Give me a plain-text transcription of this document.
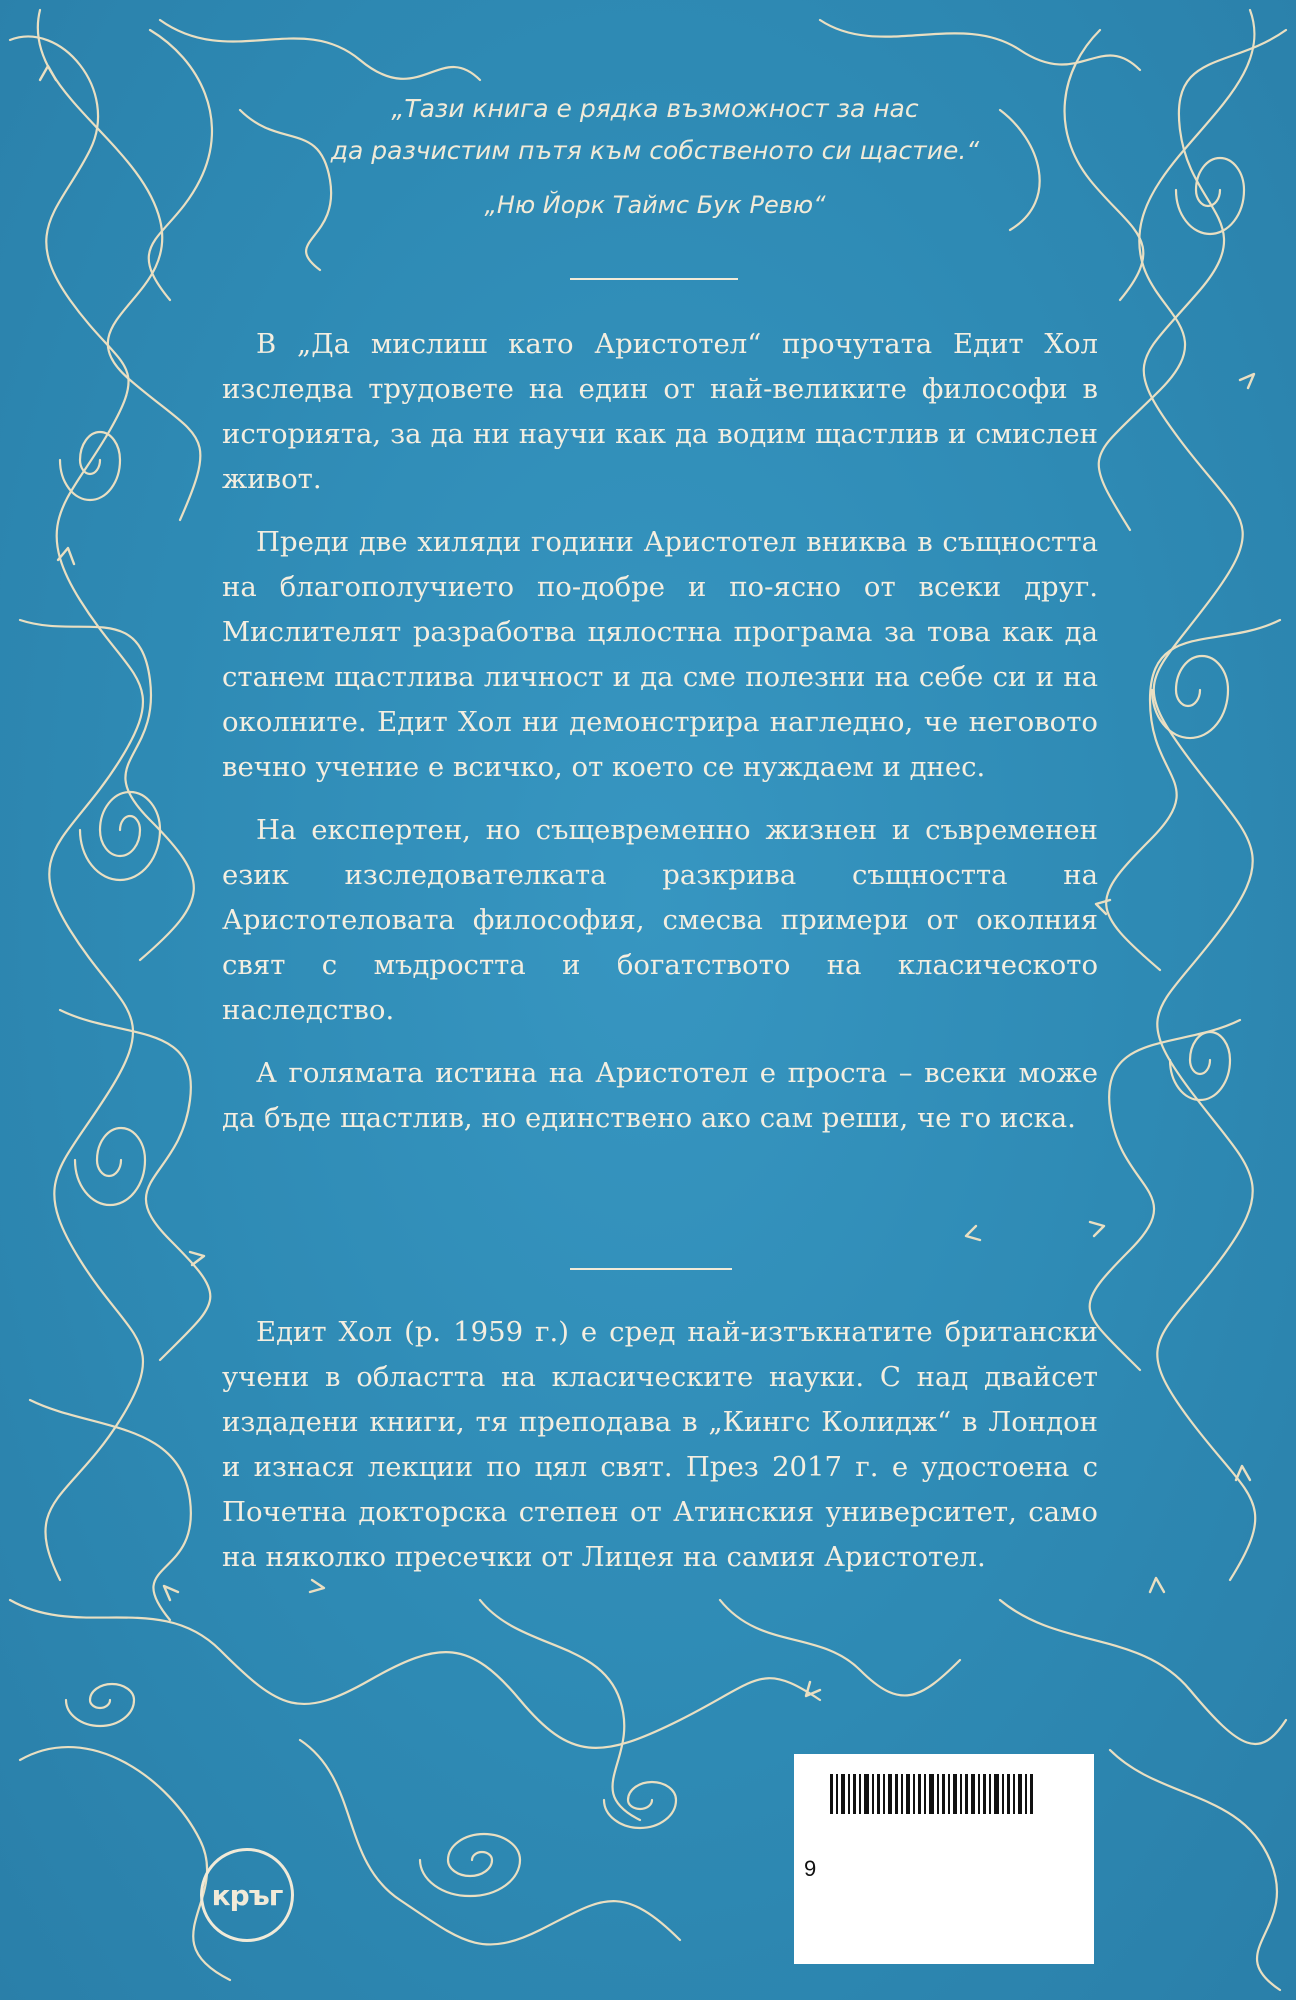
„Тази книга е рядка възможност за нас
да разчистим пътя към собственото си щастие.“
„Ню Йорк Таймс Бук Ревю“

В „Да мислиш като Аристотел“ прочутата Едит Хол изследва трудовете на един от най-великите философи в историята, за да ни научи как да водим щастлив и смислен живот.

Преди две хиляди години Аристотел вниква в същността на благополучието по-добре и по-ясно от всеки друг. Мислителят разработва цялостна програма за това как да станем щастлива личност и да сме полезни на себе си и на околните. Едит Хол ни демонстрира нагледно, че неговото вечно учение е всичко, от което се нуждаем и днес.

На експертен, но същевременно жизнен и съвременен език изследователката разкрива същността на Аристотеловата философия, смесва примери от околния свят с мъдростта и богатството на класическото наследство.

А голямата истина на Аристотел е проста – всеки може да бъде щастлив, но единствено ако сам реши, че го иска.

Едит Хол (р. 1959 г.) е сред най-изтъкнатите британски учени в областта на класическите науки. С над двайсет издадени книги, тя преподава в „Кингс Колидж“ в Лондон и изнася лекции по цял свят. През 2017 г. е удостоена с Почетна докторска степен от Атинския университет, само на няколко пресечки от Лицея на самия Аристотел.

кръг
9
